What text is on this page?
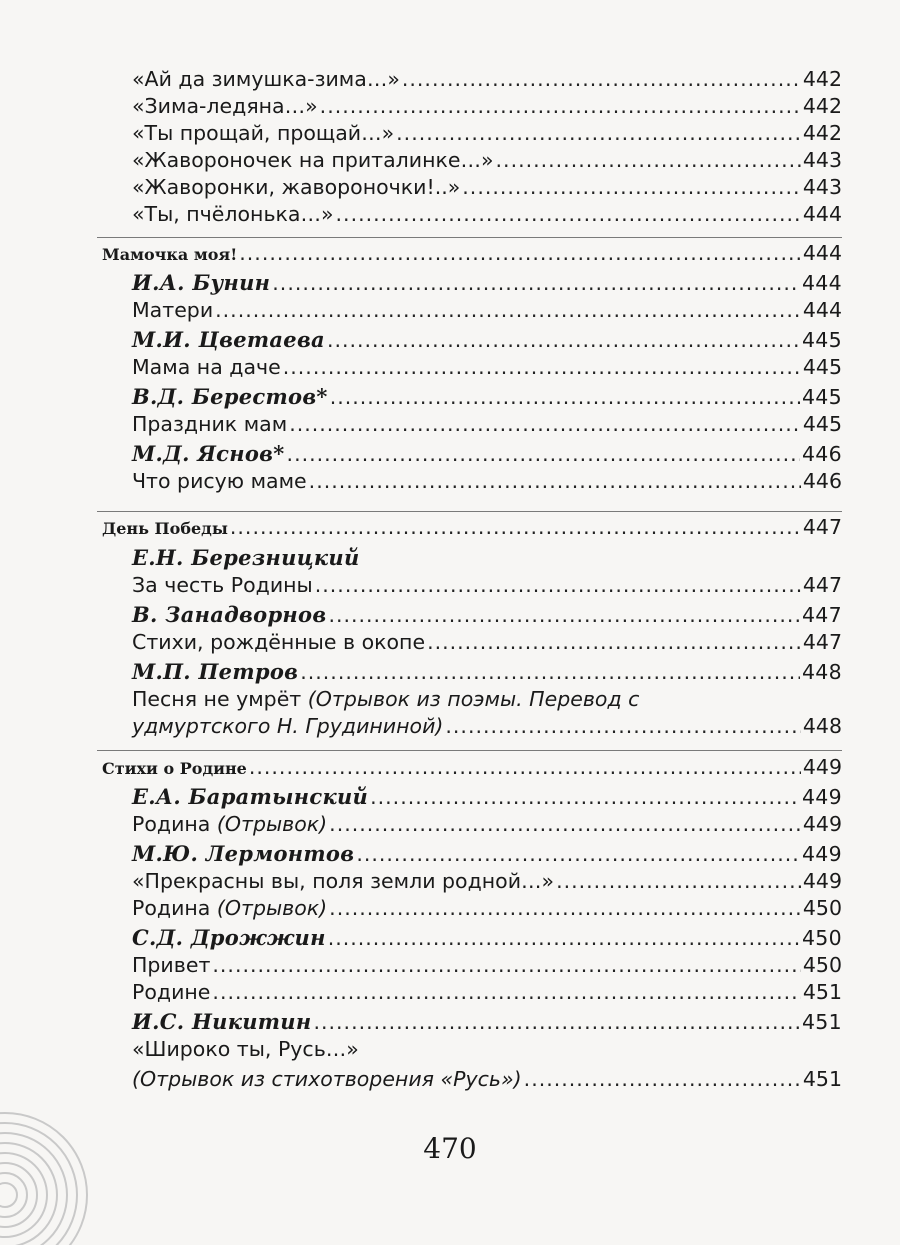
«Ай да зимушка-зима…» .....	442
«Зима-ледяна…» .....	442
«Ты прощай, прощай…» .....	442
«Жавороночек на приталинке…» .....	443
«Жаворонки, жавороночки!..» .....	443
«Ты, пчёлонька…» .....	444
Мамочка моя! .....	444
И.А. Бунин .....	444
Матери .....	444
М.И. Цветаева .....	445
Мама на даче .....	445
В.Д. Берестов* .....	445
Праздник мам .....	445
М.Д. Яснов* .....	446
Что рисую маме .....	446
День Победы .....	447
Е.Н. Березницкий
За честь Родины .....	447
В. Занадворнов .....	447
Стихи, рождённые в окопе .....	447
М.П. Петров .....	448
Песня не умрёт (Отрывок из поэмы. Перевод с
удмуртского Н. Грудининой) .....	448
Стихи о Родине .....	449
Е.А. Баратынский .....	449
Родина (Отрывок) .....	449
М.Ю. Лермонтов .....	449
«Прекрасны вы, поля земли родной…» .....	449
Родина (Отрывок) .....	450
С.Д. Дрожжин .....	450
Привет .....	450
Родине .....	451
И.С. Никитин .....	451
«Широко ты, Русь…»
(Отрывок из стихотворения «Русь») .....	451
470
